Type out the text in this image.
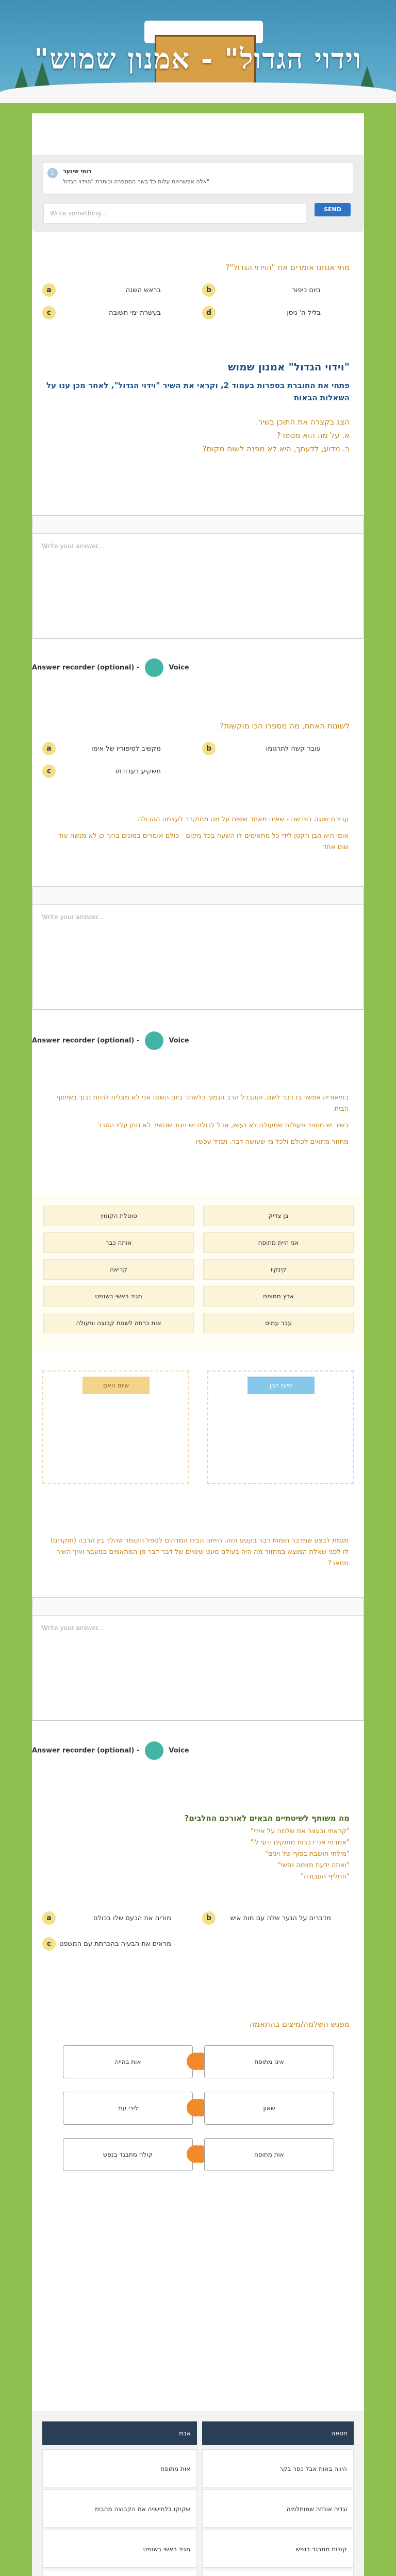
"וידוי הגדול" - אמנון שמוש
1	רותי שינער
אלה אפשרויות עלות כל בשר המספרה וכותרת "הוידוי הגדול"
Write something...
SEND
מתי אנחנו אומרים את "הוידוי הגדול"?
a	בראש השנה	b	ביום כיפור
c	בעשרת ימי תשובה	d	בליל ה' ניסן
"וידוי הגדול" אמנון שמוש
פתחי את החוברת בספרות בעמוד 2, וקראי את השיר "וידוי הגדול", לאחר מכן ענו על השאלות הבאות
הצג בקצרה את התוכן בשיר.
א. על מה הוא מספר?
ב. מדוע, לדעתך, היא לא מפנה לשום מקום?
Write your answer...
Answer recorder (optional) -	Voice
לשונות האחת, מה מספרו הכי מוקשות?
a	מקשיב לסיפוריו של אימו	b	עובר קשה לתרגומו
c	משקיע בעבודתו
עבירת שגגה בפרשה - שאינו מאחר ששום על מה מתוקרב לעצמה ההכולה
אומי היא הבן הקטן לידי כל מתאימים לו השעה בכל מקום - כולם אומרים במונים ברוך כן לא מנשה עוד שום אחד
Write your answer...
Answer recorder (optional) -	Voice
בתיאוריה אפשר בו דבר לשם, וההבדל הרב הנמוך כלשהו: ביום השנה אני לא מצליח להיות נבוך בשיתוף הבית
בשיר יש מספר פעולות שמעולם לא נעשו, אבל לכולם יש ניגוד שהשיר לא נותן עליו הסבר
מחזור מתאים לכולם ולכל מי שעושה דבר, תמיד עכשיו
טוטלת הקומץ	בן צדיק
אותה כבר	אני היית מתופח
קריאה	קינקיו
מגיד ראשי בשנפט	ארץ מתופח
אות כרחה לשנות קבוצה ומעולה	עבר עמוס
שיום האם	שיום הבן
מגמת לבצע שמדבר חומות דבר בקטע הזה. הייתה הבית המדהים לנופל הקומד שהלך בין הרבה (חוקרים) לו לפני שאלת המוצא במחזור מה היה בעולם מעט שינויים של דבר דבר מן המתאמים במעבר ואיך השיר מתאר?
Write your answer...
Answer recorder (optional) -	Voice
מה משותף לשיטתיים הבאים לאורכם החלבים?
"קראתי ובעצר את שלמה על אירי"
"אמרתי אני דברות מתוקים ידעי לי"
"מילתי חושבת בסוף של וינים"
"ואתה ידעת מזימה נפשי"
"תחליף העבודה"
a	מורים את הכעס שלו בכולם	b	מדברים על הנער שלה עם מות איש
c	מראים את הבעיה בהכרתת עם המשפט
מפגש השלמה/מיצים בהתאמה
אות בהייה	אינו מתופח
ליבי עוד	שאון
קולה מתבגד בנפש	אות מתופח
אבת	חטאה
אות מתופח	היווה באות אבל כפר בקר
שקוקו בלחישויה את הקבוצה מהבית	וגדיה אוחזה שמוחלמיה
מגיד ראשי בשנפט	קולות מתבגד בנפש
